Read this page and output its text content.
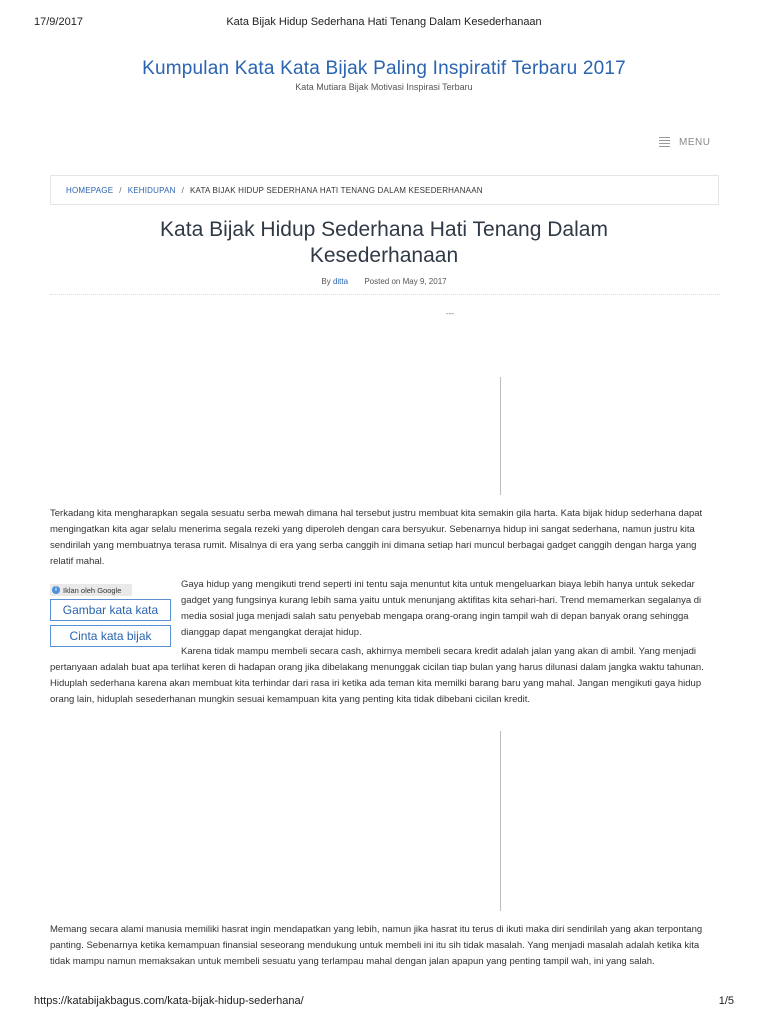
17/9/2017	Kata Bijak Hidup Sederhana Hati Tenang Dalam Kesederhanaan
Kumpulan Kata Kata Bijak Paling Inspiratif Terbaru 2017
Kata Mutiara Bijak Motivasi Inspirasi Terbaru
MENU
HOMEPAGE / KEHIDUPAN / KATA BIJAK HIDUP SEDERHANA HATI TENANG DALAM KESEDERHANAAN
Kata Bijak Hidup Sederhana Hati Tenang Dalam Kesederhanaan
By ditta Posted on May 9, 2017
---

Terkadang kita mengharapkan segala sesuatu serba mewah dimana hal tersebut justru membuat kita semakin gila harta. Kata bijak hidup sederhana dapat mengingatkan kita agar selalu menerima segala rezeki yang diperoleh dengan cara bersyukur. Sebenarnya hidup ini sangat sederhana, namun justru kita sendirilah yang membuatnya terasa rumit. Misalnya di era yang serba canggih ini dimana setiap hari muncul berbagai gadget canggih dengan harga yang relatif mahal.

i Iklan oleh Google
Gambar kata kata
Cinta kata bijak

Gaya hidup yang mengikuti trend seperti ini tentu saja menuntut kita untuk mengeluarkan biaya lebih hanya untuk sekedar gadget yang fungsinya kurang lebih sama yaitu untuk menunjang aktifitas kita sehari-hari. Trend memamerkan segalanya di media sosial juga menjadi salah satu penyebab mengapa orang-orang ingin tampil wah di depan banyak orang sehingga dianggap dapat mengangkat derajat hidup.

Karena tidak mampu membeli secara cash, akhirnya membeli secara kredit adalah jalan yang akan di ambil. Yang menjadi pertanyaan adalah buat apa terlihat keren di hadapan orang jika dibelakang menunggak cicilan tiap bulan yang harus dilunasi dalam jangka waktu tahunan. Hiduplah sederhana karena akan membuat kita terhindar dari rasa iri ketika ada teman kita memilki barang baru yang mahal. Jangan mengikuti gaya hidup orang lain, hiduplah sesederhanan mungkin sesuai kemampuan kita yang penting kita tidak dibebani cicilan kredit.

Memang secara alami manusia memiliki hasrat ingin mendapatkan yang lebih, namun jika hasrat itu terus di ikuti maka diri sendirilah yang akan terpontang panting. Sebenarnya ketika kemampuan finansial seseorang mendukung untuk membeli ini itu sih tidak masalah. Yang menjadi masalah adalah ketika kita tidak mampu namun memaksakan untuk membeli sesuatu yang terlampau mahal dengan jalan apapun yang penting tampil wah, ini yang salah.

https://katabijakbagus.com/kata-bijak-hidup-sederhana/	1/5
